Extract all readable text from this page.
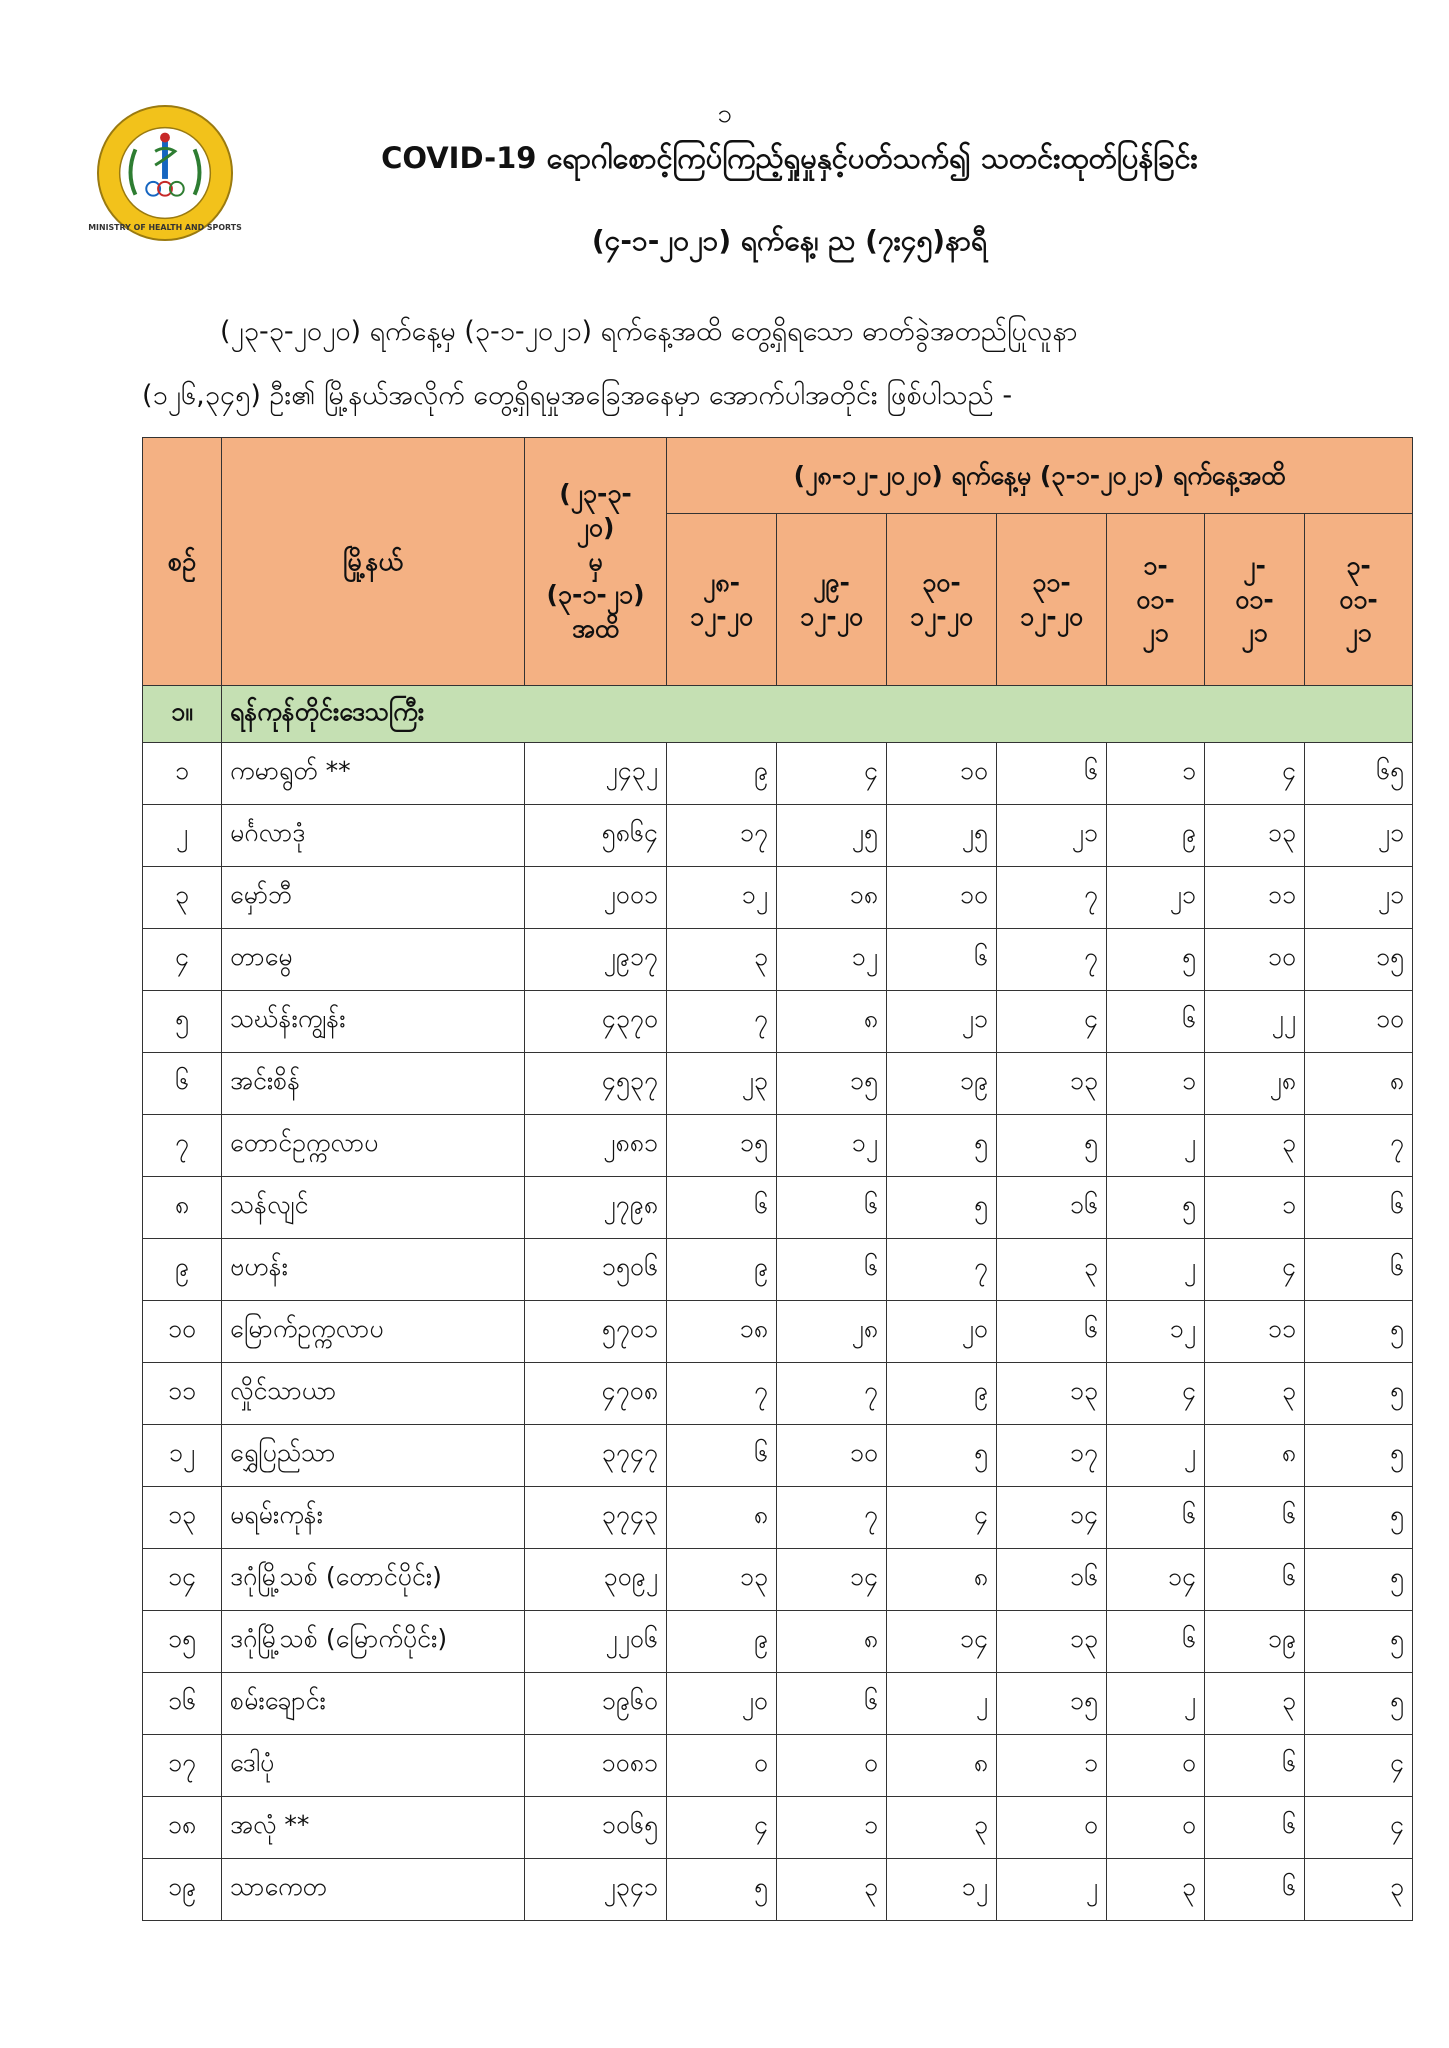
MINISTRY OF HEALTH AND SPORTS
၁
COVID-19 ရောဂါစောင့်ကြပ်ကြည့်ရှုမှုနှင့်ပတ်သက်၍ သတင်းထုတ်ပြန်ခြင်း
(၄-၁-၂၀၂၁) ရက်နေ့၊ ည (၇း၄၅)နာရီ
(၂၃-၃-၂၀၂၀) ရက်နေ့မှ (၃-၁-၂၀၂၁) ရက်နေ့အထိ တွေ့ရှိရသော ဓာတ်ခွဲအတည်ပြုလူနာ
(၁၂၆,၃၄၅) ဦး၏ မြို့နယ်အလိုက် တွေ့ရှိရမှုအခြေအနေမှာ အောက်ပါအတိုင်း ဖြစ်ပါသည် -
စဉ်	မြို့နယ်	(၂၃-၃-
၂၀)
မှ
(၃-၁-၂၁)
အထိ	(၂၈-၁၂-၂၀၂၀) ရက်နေ့မှ (၃-၁-၂၀၂၁) ရက်နေ့အထိ						
			၂၈-
၁၂-၂၀	၂၉-
၁၂-၂၀	၃၀-
၁၂-၂၀	၃၁-
၁၂-၂၀	၁-
၀၁-
၂၁	၂-
၀၁-
၂၁	၃-
၀၁-
၂၁
၁။	ရန်ကုန်တိုင်းဒေသကြီး								
၁	ကမာရွတ် **	၂၄၃၂	၉	၄	၁၀	၆	၁	၄	၆၅
၂	မင်္ဂလာဒုံ	၅၈၆၄	၁၇	၂၅	၂၅	၂၁	၉	၁၃	၂၁
၃	မှော်ဘီ	၂၀၀၁	၁၂	၁၈	၁၀	၇	၂၁	၁၁	၂၁
၄	တာမွေ	၂၉၁၇	၃	၁၂	၆	၇	၅	၁၀	၁၅
၅	သဃ်န်းကျွန်း	၄၃၇၀	၇	၈	၂၁	၄	၆	၂၂	၁၀
၆	အင်းစိန်	၄၅၃၇	၂၃	၁၅	၁၉	၁၃	၁	၂၈	၈
၇	တောင်ဥက္ကလာပ	၂၈၈၁	၁၅	၁၂	၅	၅	၂	၃	၇
၈	သန်လျင်	၂၇၉၈	၆	၆	၅	၁၆	၅	၁	၆
၉	ဗဟန်း	၁၅၀၆	၉	၆	၇	၃	၂	၄	၆
၁၀	မြောက်ဥက္ကလာပ	၅၇၀၁	၁၈	၂၈	၂၀	၆	၁၂	၁၁	၅
၁၁	လှိုင်သာယာ	၄၇၀၈	၇	၇	၉	၁၃	၄	၃	၅
၁၂	ရွှေပြည်သာ	၃၇၄၇	၆	၁၀	၅	၁၇	၂	၈	၅
၁၃	မရမ်းကုန်း	၃၇၄၃	၈	၇	၄	၁၄	၆	၆	၅
၁၄	ဒဂုံမြို့သစ် (တောင်ပိုင်း)	၃၀၉၂	၁၃	၁၄	၈	၁၆	၁၄	၆	၅
၁၅	ဒဂုံမြို့သစ် (မြောက်ပိုင်း)	၂၂၀၆	၉	၈	၁၄	၁၃	၆	၁၉	၅
၁၆	စမ်းချောင်း	၁၉၆၀	၂၀	၆	၂	၁၅	၂	၃	၅
၁၇	ဒေါပုံ	၁၀၈၁	၀	၀	၈	၁	၀	၆	၄
၁၈	အလုံ **	၁၀၆၅	၄	၁	၃	၀	၀	၆	၄
၁၉	သာကေတ	၂၃၄၁	၅	၃	၁၂	၂	၃	၆	၃
